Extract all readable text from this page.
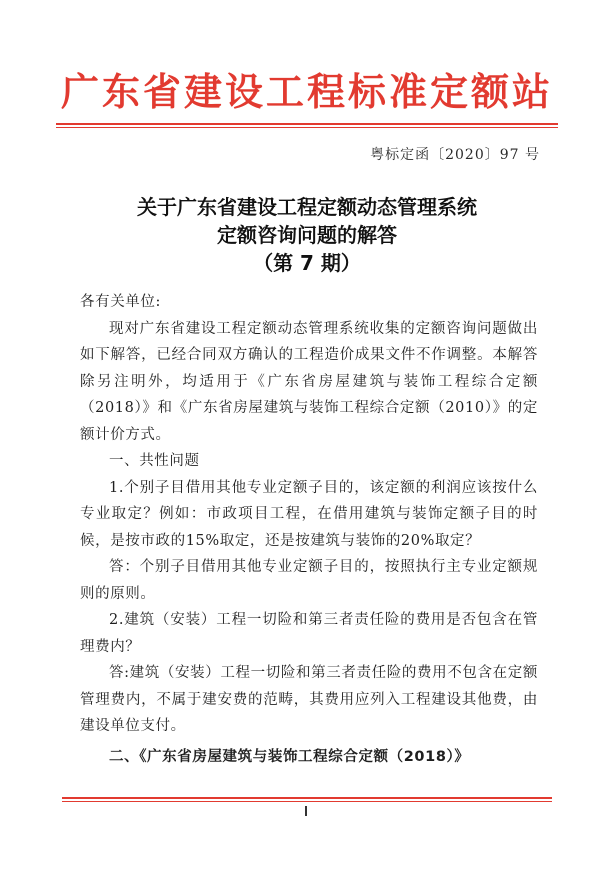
广东省建设工程标准定额站
粤标定函〔2020〕97 号
关于广东省建设工程定额动态管理系统
定额咨询问题的解答
（第 7 期）

各有关单位:

现对广东省建设工程定额动态管理系统收集的定额咨询问题做出如下解答，已经合同双方确认的工程造价成果文件不作调整。本解答除另注明外，均适用于《广东省房屋建筑与装饰工程综合定额（2018）》和《广东省房屋建筑与装饰工程综合定额（2010）》的定额计价方式。

一、共性问题

1.个别子目借用其他专业定额子目的，该定额的利润应该按什么专业取定？例如：市政项目工程，在借用建筑与装饰定额子目的时候，是按市政的15%取定，还是按建筑与装饰的20%取定？

答：个别子目借用其他专业定额子目的，按照执行主专业定额规则的原则。

2.建筑（安装）工程一切险和第三者责任险的费用是否包含在管理费内？

答:建筑（安装）工程一切险和第三者责任险的费用不包含在定额管理费内，不属于建安费的范畴，其费用应列入工程建设其他费，由建设单位支付。

二、《广东省房屋建筑与装饰工程综合定额（2018）》
